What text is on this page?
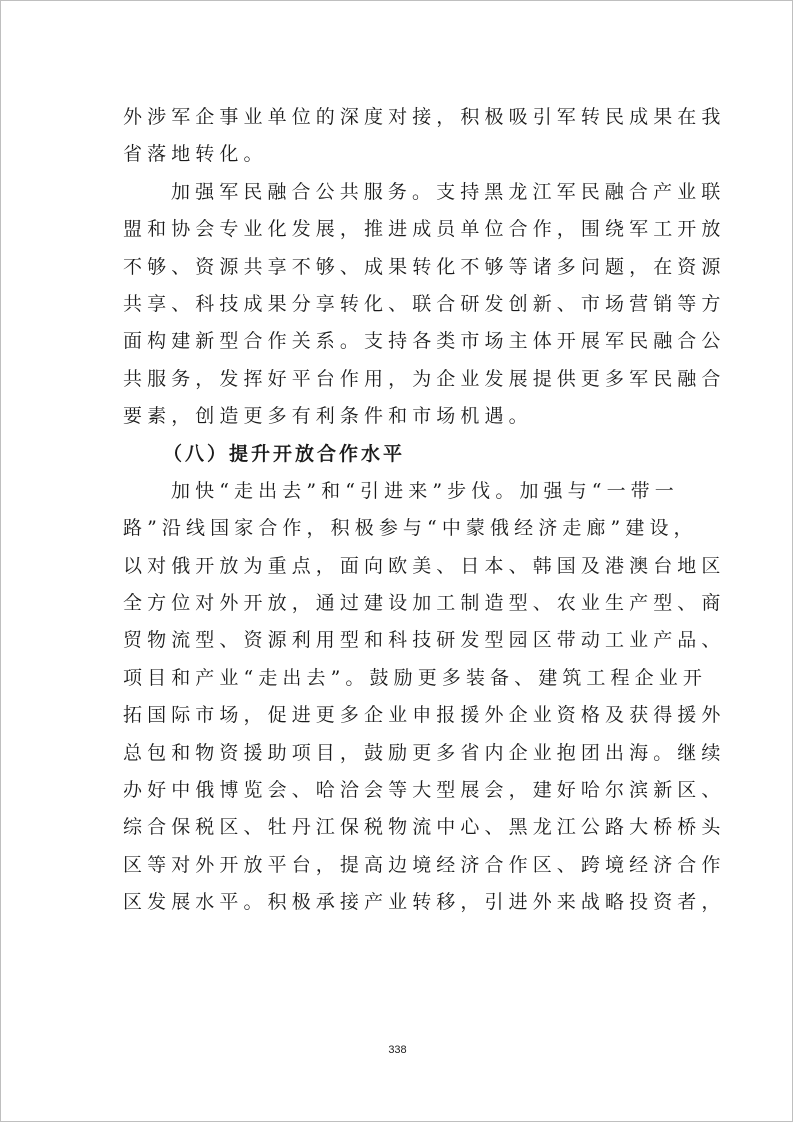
外涉军企事业单位的深度对接，积极吸引军转民成果在我
省落地转化。
加强军民融合公共服务。支持黑龙江军民融合产业联
盟和协会专业化发展，推进成员单位合作，围绕军工开放
不够、资源共享不够、成果转化不够等诸多问题，在资源
共享、科技成果分享转化、联合研发创新、市场营销等方
面构建新型合作关系。支持各类市场主体开展军民融合公
共服务，发挥好平台作用，为企业发展提供更多军民融合
要素，创造更多有利条件和市场机遇。
（八）提升开放合作水平
加快“走出去”和“引进来”步伐。加强与“一带一
路”沿线国家合作，积极参与“中蒙俄经济走廊”建设，
以对俄开放为重点，面向欧美、日本、韩国及港澳台地区
全方位对外开放，通过建设加工制造型、农业生产型、商
贸物流型、资源利用型和科技研发型园区带动工业产品、
项目和产业“走出去”。鼓励更多装备、建筑工程企业开
拓国际市场，促进更多企业申报援外企业资格及获得援外
总包和物资援助项目，鼓励更多省内企业抱团出海。继续
办好中俄博览会、哈洽会等大型展会，建好哈尔滨新区、
综合保税区、牡丹江保税物流中心、黑龙江公路大桥桥头
区等对外开放平台，提高边境经济合作区、跨境经济合作
区发展水平。积极承接产业转移，引进外来战略投资者，
338
